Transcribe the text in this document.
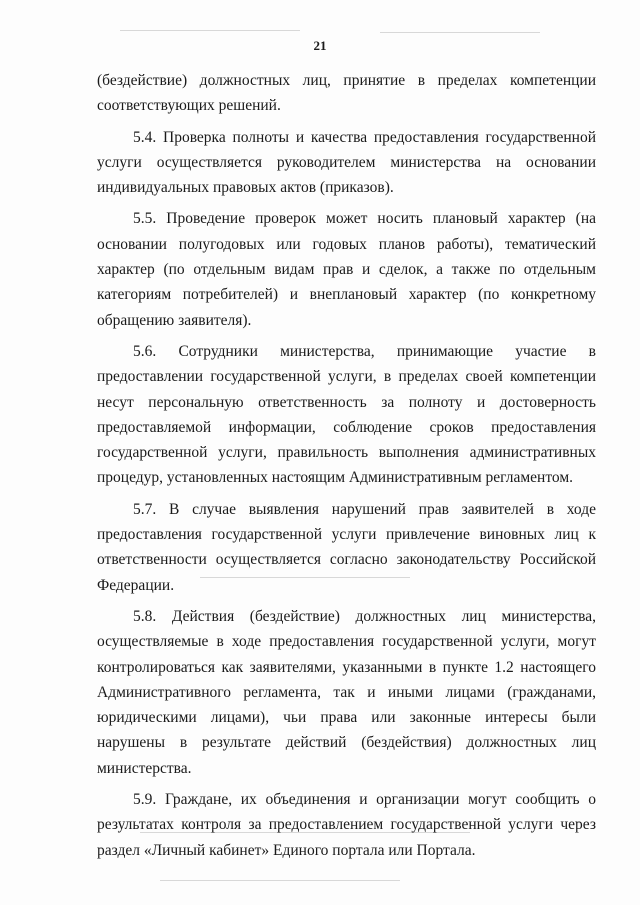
21

(бездействие) должностных лиц, принятие в пределах компетенции соответствующих решений.

5.4. Проверка полноты и качества предоставления государственной услуги осуществляется руководителем министерства на основании индивидуальных правовых актов (приказов).

5.5. Проведение проверок может носить плановый характер (на основании полугодовых или годовых планов работы), тематический характер (по отдельным видам прав и сделок, а также по отдельным категориям потребителей) и внеплановый характер (по конкретному обращению заявителя).

5.6. Сотрудники министерства, принимающие участие в предоставлении государственной услуги, в пределах своей компетенции несут персональную ответственность за полноту и достоверность предоставляемой информации, соблюдение сроков предоставления государственной услуги, правильность выполнения административных процедур, установленных настоящим Административным регламентом.

5.7. В случае выявления нарушений прав заявителей в ходе предоставления государственной услуги привлечение виновных лиц к ответственности осуществляется согласно законодательству Российской Федерации.

5.8. Действия (бездействие) должностных лиц министерства, осуществляемые в ходе предоставления государственной услуги, могут контролироваться как заявителями, указанными в пункте 1.2 настоящего Административного регламента, так и иными лицами (гражданами, юридическими лицами), чьи права или законные интересы были нарушены в результате действий (бездействия) должностных лиц министерства.

5.9. Граждане, их объединения и организации могут сообщить о результатах контроля за предоставлением государственной услуги через раздел «Личный кабинет» Единого портала или Портала.
